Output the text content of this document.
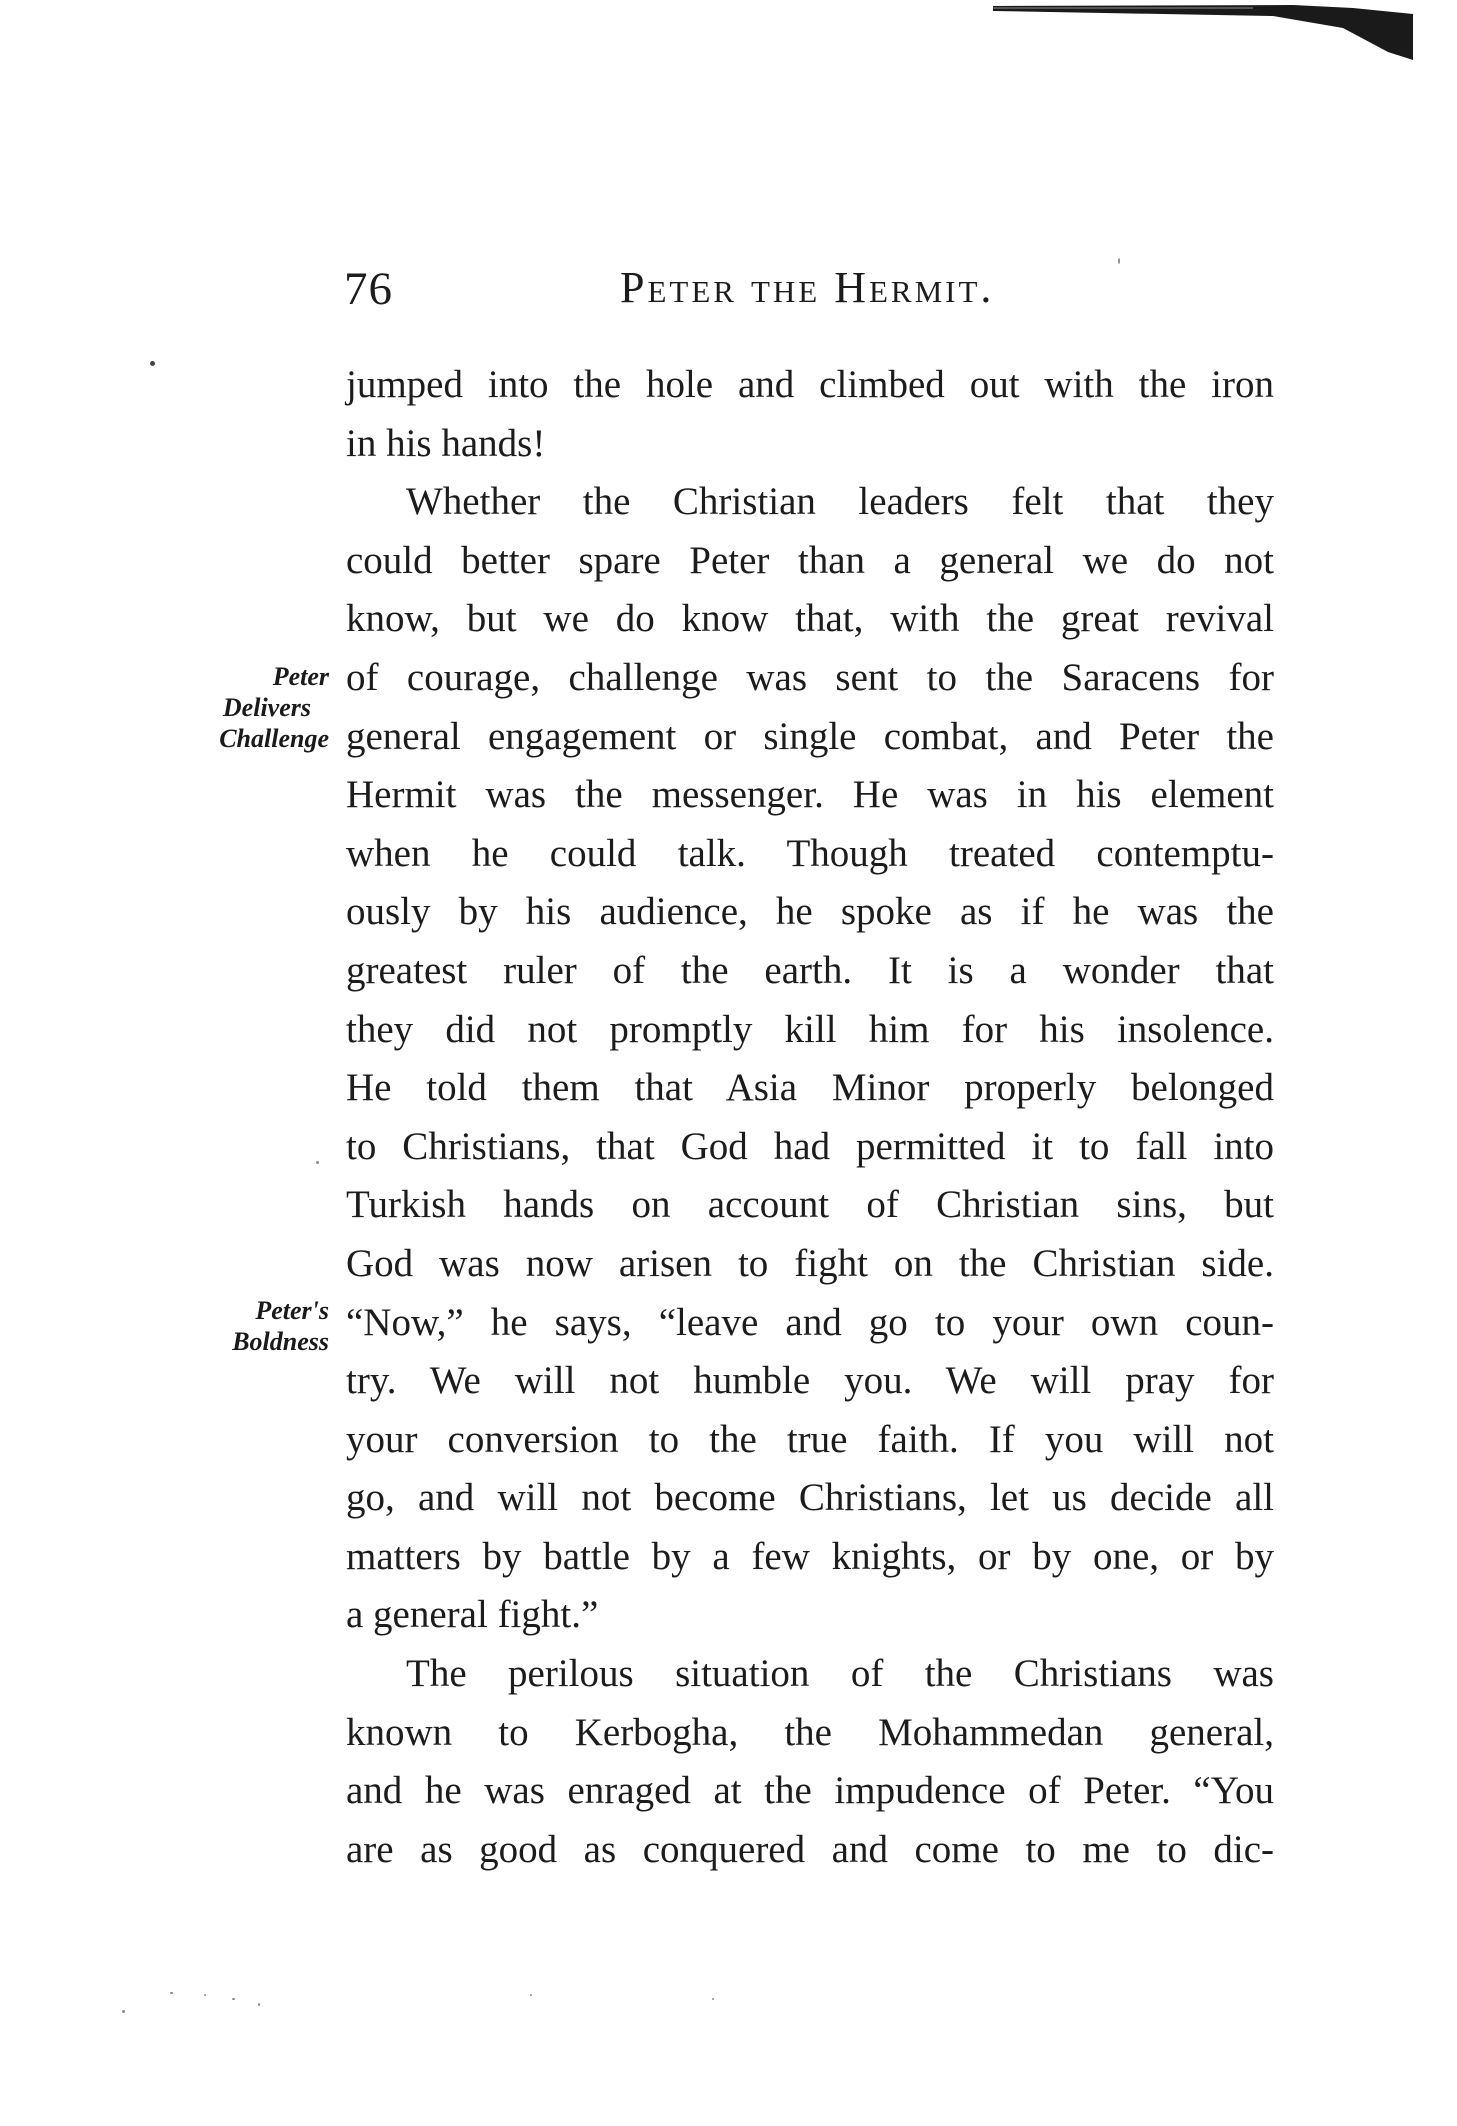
76	Peter the Hermit.
Peter
Delivers
Challenge
Peter's
Boldness
jumped into the hole and climbed out with the iron
in his hands!
Whether the Christian leaders felt that they
could better spare Peter than a general we do not
know, but we do know that, with the great revival
of courage, challenge was sent to the Saracens for
general engagement or single combat, and Peter the
Hermit was the messenger. He was in his element
when he could talk. Though treated contemptu-
ously by his audience, he spoke as if he was the
greatest ruler of the earth. It is a wonder that
they did not promptly kill him for his insolence.
He told them that Asia Minor properly belonged
to Christians, that God had permitted it to fall into
Turkish hands on account of Christian sins, but
God was now arisen to fight on the Christian side.
“Now,” he says, “leave and go to your own coun-
try. We will not humble you. We will pray for
your conversion to the true faith. If you will not
go, and will not become Christians, let us decide all
matters by battle by a few knights, or by one, or by
a general fight.”
The perilous situation of the Christians was
known to Kerbogha, the Mohammedan general,
and he was enraged at the impudence of Peter. “You
are as good as conquered and come to me to dic-
